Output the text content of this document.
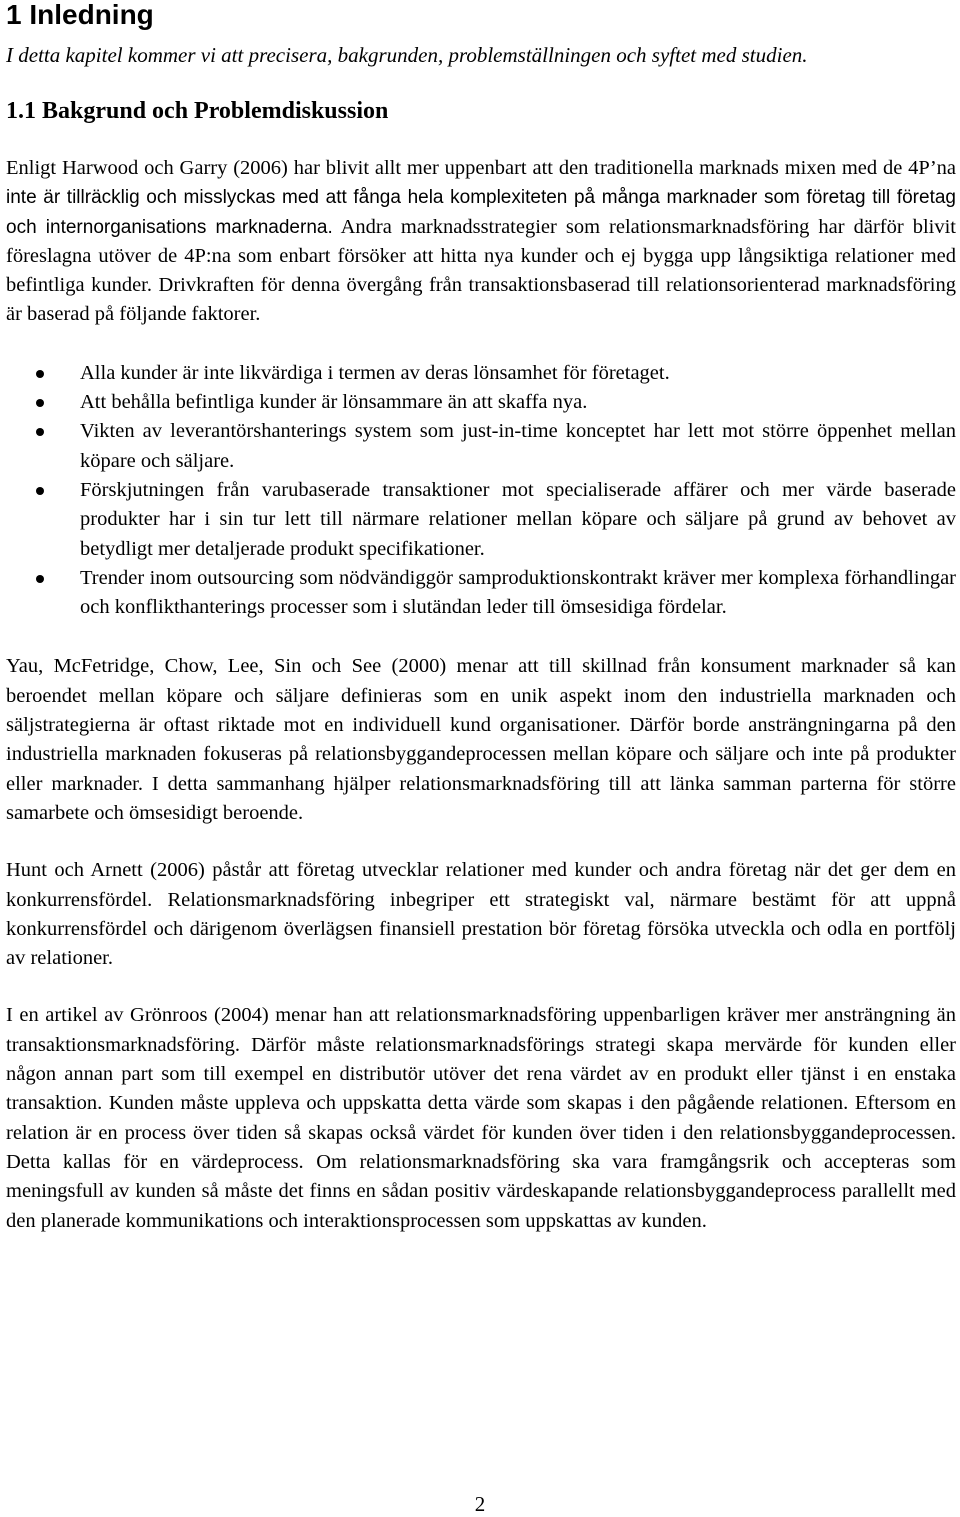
1 Inledning
I detta kapitel kommer vi att precisera, bakgrunden, problemställningen och syftet med studien.
1.1 Bakgrund och Problemdiskussion

Enligt Harwood och Garry (2006) har blivit allt mer uppenbart att den traditionella marknads mixen med de 4P’na inte är tillräcklig och misslyckas med att fånga hela komplexiteten på många marknader som företag till företag och internorganisations marknaderna. Andra marknadsstrategier som relationsmarknadsföring har därför blivit föreslagna utöver de 4P:na som enbart försöker att hitta nya kunder och ej bygga upp långsiktiga relationer med befintliga kunder. Drivkraften för denna övergång från transaktionsbaserad till relationsorienterad marknadsföring är baserad på följande faktorer.

Alla kunder är inte likvärdiga i termen av deras lönsamhet för företaget.
Att behålla befintliga kunder är lönsammare än att skaffa nya.
Vikten av leverantörshanterings system som just-in-time konceptet har lett mot större öppenhet mellan köpare och säljare.
Förskjutningen från varubaserade transaktioner mot specialiserade affärer och mer värde baserade produkter har i sin tur lett till närmare relationer mellan köpare och säljare på grund av behovet av betydligt mer detaljerade produkt specifikationer.
Trender inom outsourcing som nödvändiggör samproduktionskontrakt kräver mer komplexa förhandlingar och konflikthanterings processer som i slutändan leder till ömsesidiga fördelar.

Yau, McFetridge, Chow, Lee, Sin och See (2000) menar att till skillnad från konsument marknader så kan beroendet mellan köpare och säljare definieras som en unik aspekt inom den industriella marknaden och säljstrategierna är oftast riktade mot en individuell kund organisationer. Därför borde ansträngningarna på den industriella marknaden fokuseras på relationsbyggandeprocessen mellan köpare och säljare och inte på produkter eller marknader. I detta sammanhang hjälper relationsmarknadsföring till att länka samman parterna för större samarbete och ömsesidigt beroende.

Hunt och Arnett (2006) påstår att företag utvecklar relationer med kunder och andra företag när det ger dem en konkurrensfördel. Relationsmarknadsföring inbegriper ett strategiskt val, närmare bestämt för att uppnå konkurrensfördel och därigenom överlägsen finansiell prestation bör företag försöka utveckla och odla en portfölj av relationer.

I en artikel av Grönroos (2004) menar han att relationsmarknadsföring uppenbarligen kräver mer ansträngning än transaktionsmarknadsföring. Därför måste relationsmarknadsförings strategi skapa mervärde för kunden eller någon annan part som till exempel en distributör utöver det rena värdet av en produkt eller tjänst i en enstaka transaktion. Kunden måste uppleva och uppskatta detta värde som skapas i den pågående relationen. Eftersom en relation är en process över tiden så skapas också värdet för kunden över tiden i den relationsbyggandeprocessen. Detta kallas för en värdeprocess. Om relationsmarknadsföring ska vara framgångsrik och accepteras som meningsfull av kunden så måste det finns en sådan positiv värdeskapande relationsbyggandeprocess parallellt med den planerade kommunikations och interaktionsprocessen som uppskattas av kunden.

2
